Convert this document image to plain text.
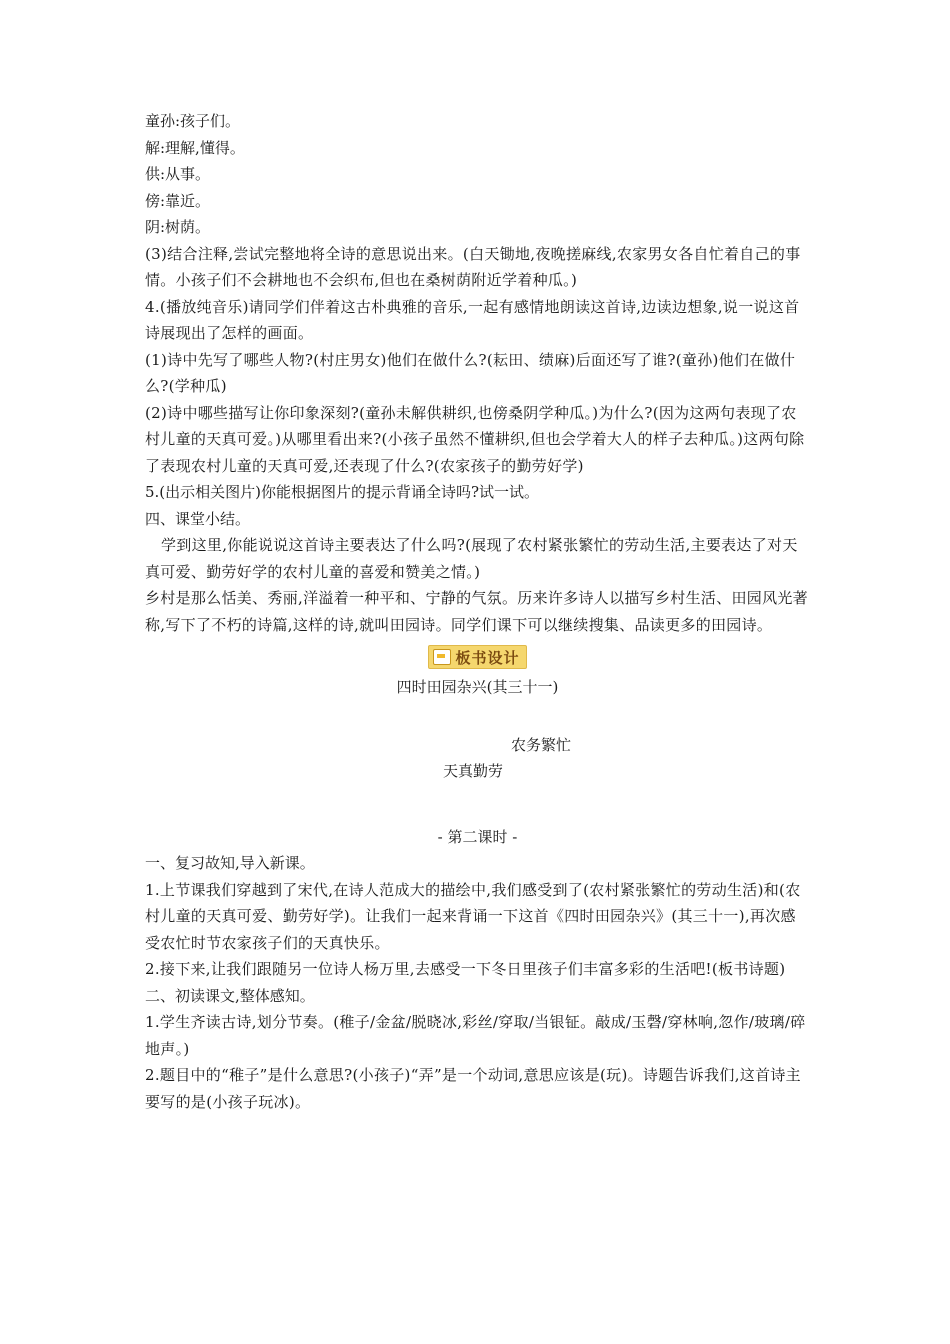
童孙:孩子们。
解:理解,懂得。
供:从事。
傍:靠近。
阴:树荫。
(3)结合注释,尝试完整地将全诗的意思说出来。(白天锄地,夜晚搓麻线,农家男女各自忙着自己的事情。小孩子们不会耕地也不会织布,但也在桑树荫附近学着种瓜。)
4.(播放纯音乐)请同学们伴着这古朴典雅的音乐,一起有感情地朗读这首诗,边读边想象,说一说这首诗展现出了怎样的画面。
(1)诗中先写了哪些人物?(村庄男女)他们在做什么?(耘田、绩麻)后面还写了谁?(童孙)他们在做什么?(学种瓜)
(2)诗中哪些描写让你印象深刻?(童孙未解供耕织,也傍桑阴学种瓜。)为什么?(因为这两句表现了农村儿童的天真可爱。)从哪里看出来?(小孩子虽然不懂耕织,但也会学着大人的样子去种瓜。)这两句除了表现农村儿童的天真可爱,还表现了什么?(农家孩子的勤劳好学)
5.(出示相关图片)你能根据图片的提示背诵全诗吗?试一试。
四、课堂小结。
学到这里,你能说说这首诗主要表达了什么吗?(展现了农村紧张繁忙的劳动生活,主要表达了对天真可爱、勤劳好学的农村儿童的喜爱和赞美之情。)
乡村是那么恬美、秀丽,洋溢着一种平和、宁静的气氛。历来许多诗人以描写乡村生活、田园风光著称,写下了不朽的诗篇,这样的诗,就叫田园诗。同学们课下可以继续搜集、品读更多的田园诗。
板书设计
四时田园杂兴(其三十一)
农务繁忙
天真勤劳
- 第二课时 -
一、复习故知,导入新课。
1.上节课我们穿越到了宋代,在诗人范成大的描绘中,我们感受到了(农村紧张繁忙的劳动生活)和(农村儿童的天真可爱、勤劳好学)。让我们一起来背诵一下这首《四时田园杂兴》(其三十一),再次感受农忙时节农家孩子们的天真快乐。
2.接下来,让我们跟随另一位诗人杨万里,去感受一下冬日里孩子们丰富多彩的生活吧!(板书诗题)
二、初读课文,整体感知。
1.学生齐读古诗,划分节奏。(稚子/金盆/脱晓冰,彩丝/穿取/当银钲。敲成/玉磬/穿林响,忽作/玻璃/碎地声。)
2.题目中的“稚子”是什么意思?(小孩子)“弄”是一个动词,意思应该是(玩)。诗题告诉我们,这首诗主要写的是(小孩子玩冰)。
